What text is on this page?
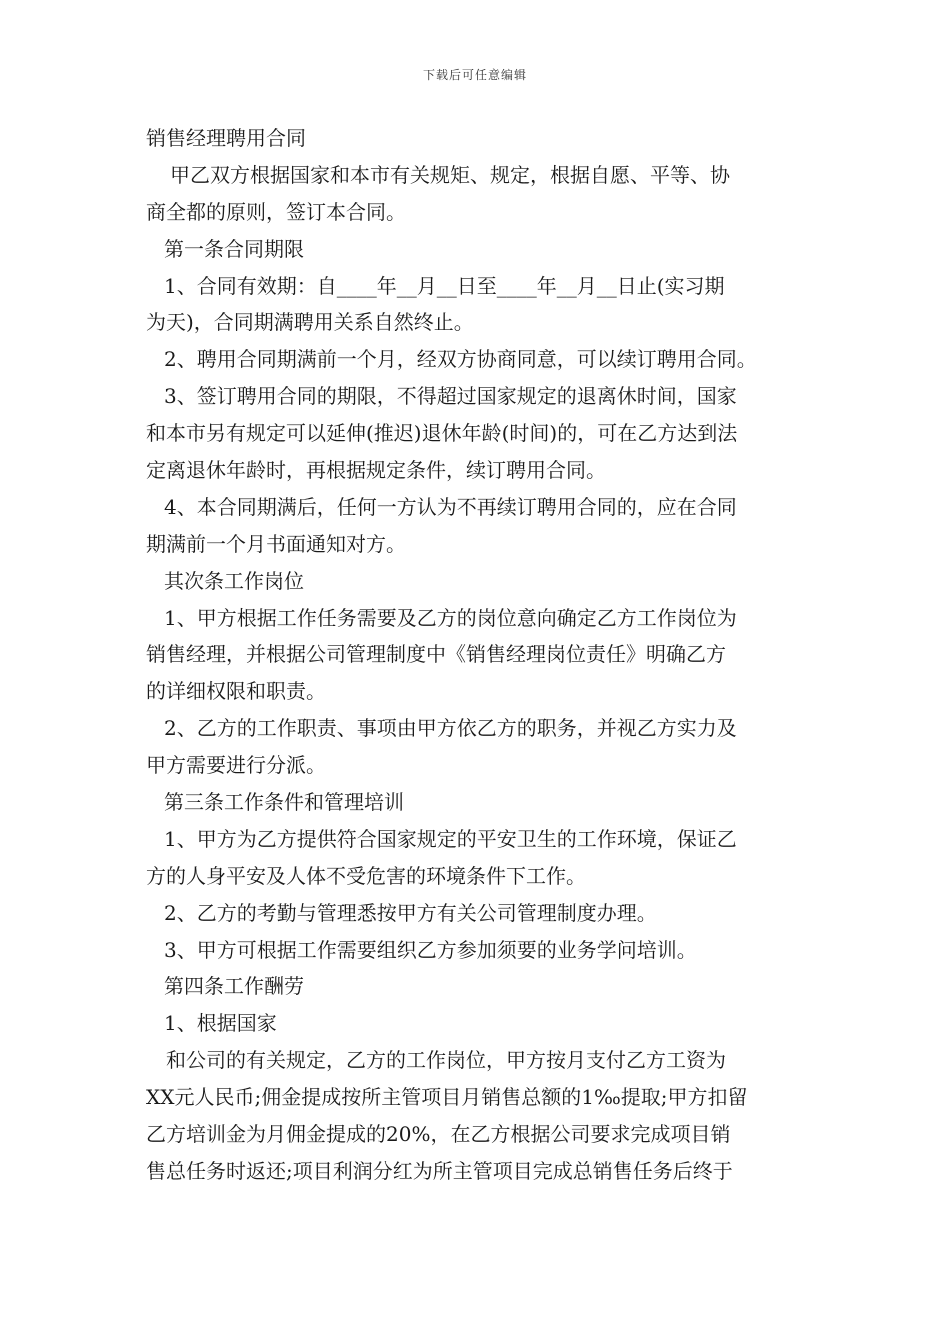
下载后可任意编辑
销售经理聘用合同
甲乙双方根据国家和本市有关规矩、规定，根据自愿、平等、协
商全都的原则，签订本合同。
第一条合同期限
1、合同有效期：自____年__月__日至____年__月__日止(实习期
为天)，合同期满聘用关系自然终止。
2、聘用合同期满前一个月，经双方协商同意，可以续订聘用合同。
3、签订聘用合同的期限，不得超过国家规定的退离休时间，国家
和本市另有规定可以延伸(推迟)退休年龄(时间)的，可在乙方达到法
定离退休年龄时，再根据规定条件，续订聘用合同。
4、本合同期满后，任何一方认为不再续订聘用合同的，应在合同
期满前一个月书面通知对方。
其次条工作岗位
1、甲方根据工作任务需要及乙方的岗位意向确定乙方工作岗位为
销售经理，并根据公司管理制度中《销售经理岗位责任》明确乙方
的详细权限和职责。
2、乙方的工作职责、事项由甲方依乙方的职务，并视乙方实力及
甲方需要进行分派。
第三条工作条件和管理培训
1、甲方为乙方提供符合国家规定的平安卫生的工作环境，保证乙
方的人身平安及人体不受危害的环境条件下工作。
2、乙方的考勤与管理悉按甲方有关公司管理制度办理。
3、甲方可根据工作需要组织乙方参加须要的业务学问培训。
第四条工作酬劳
1、根据国家
和公司的有关规定，乙方的工作岗位，甲方按月支付乙方工资为
XX元人民币;佣金提成按所主管项目月销售总额的1‰提取;甲方扣留
乙方培训金为月佣金提成的20%，在乙方根据公司要求完成项目销
售总任务时返还;项目利润分红为所主管项目完成总销售任务后终于
